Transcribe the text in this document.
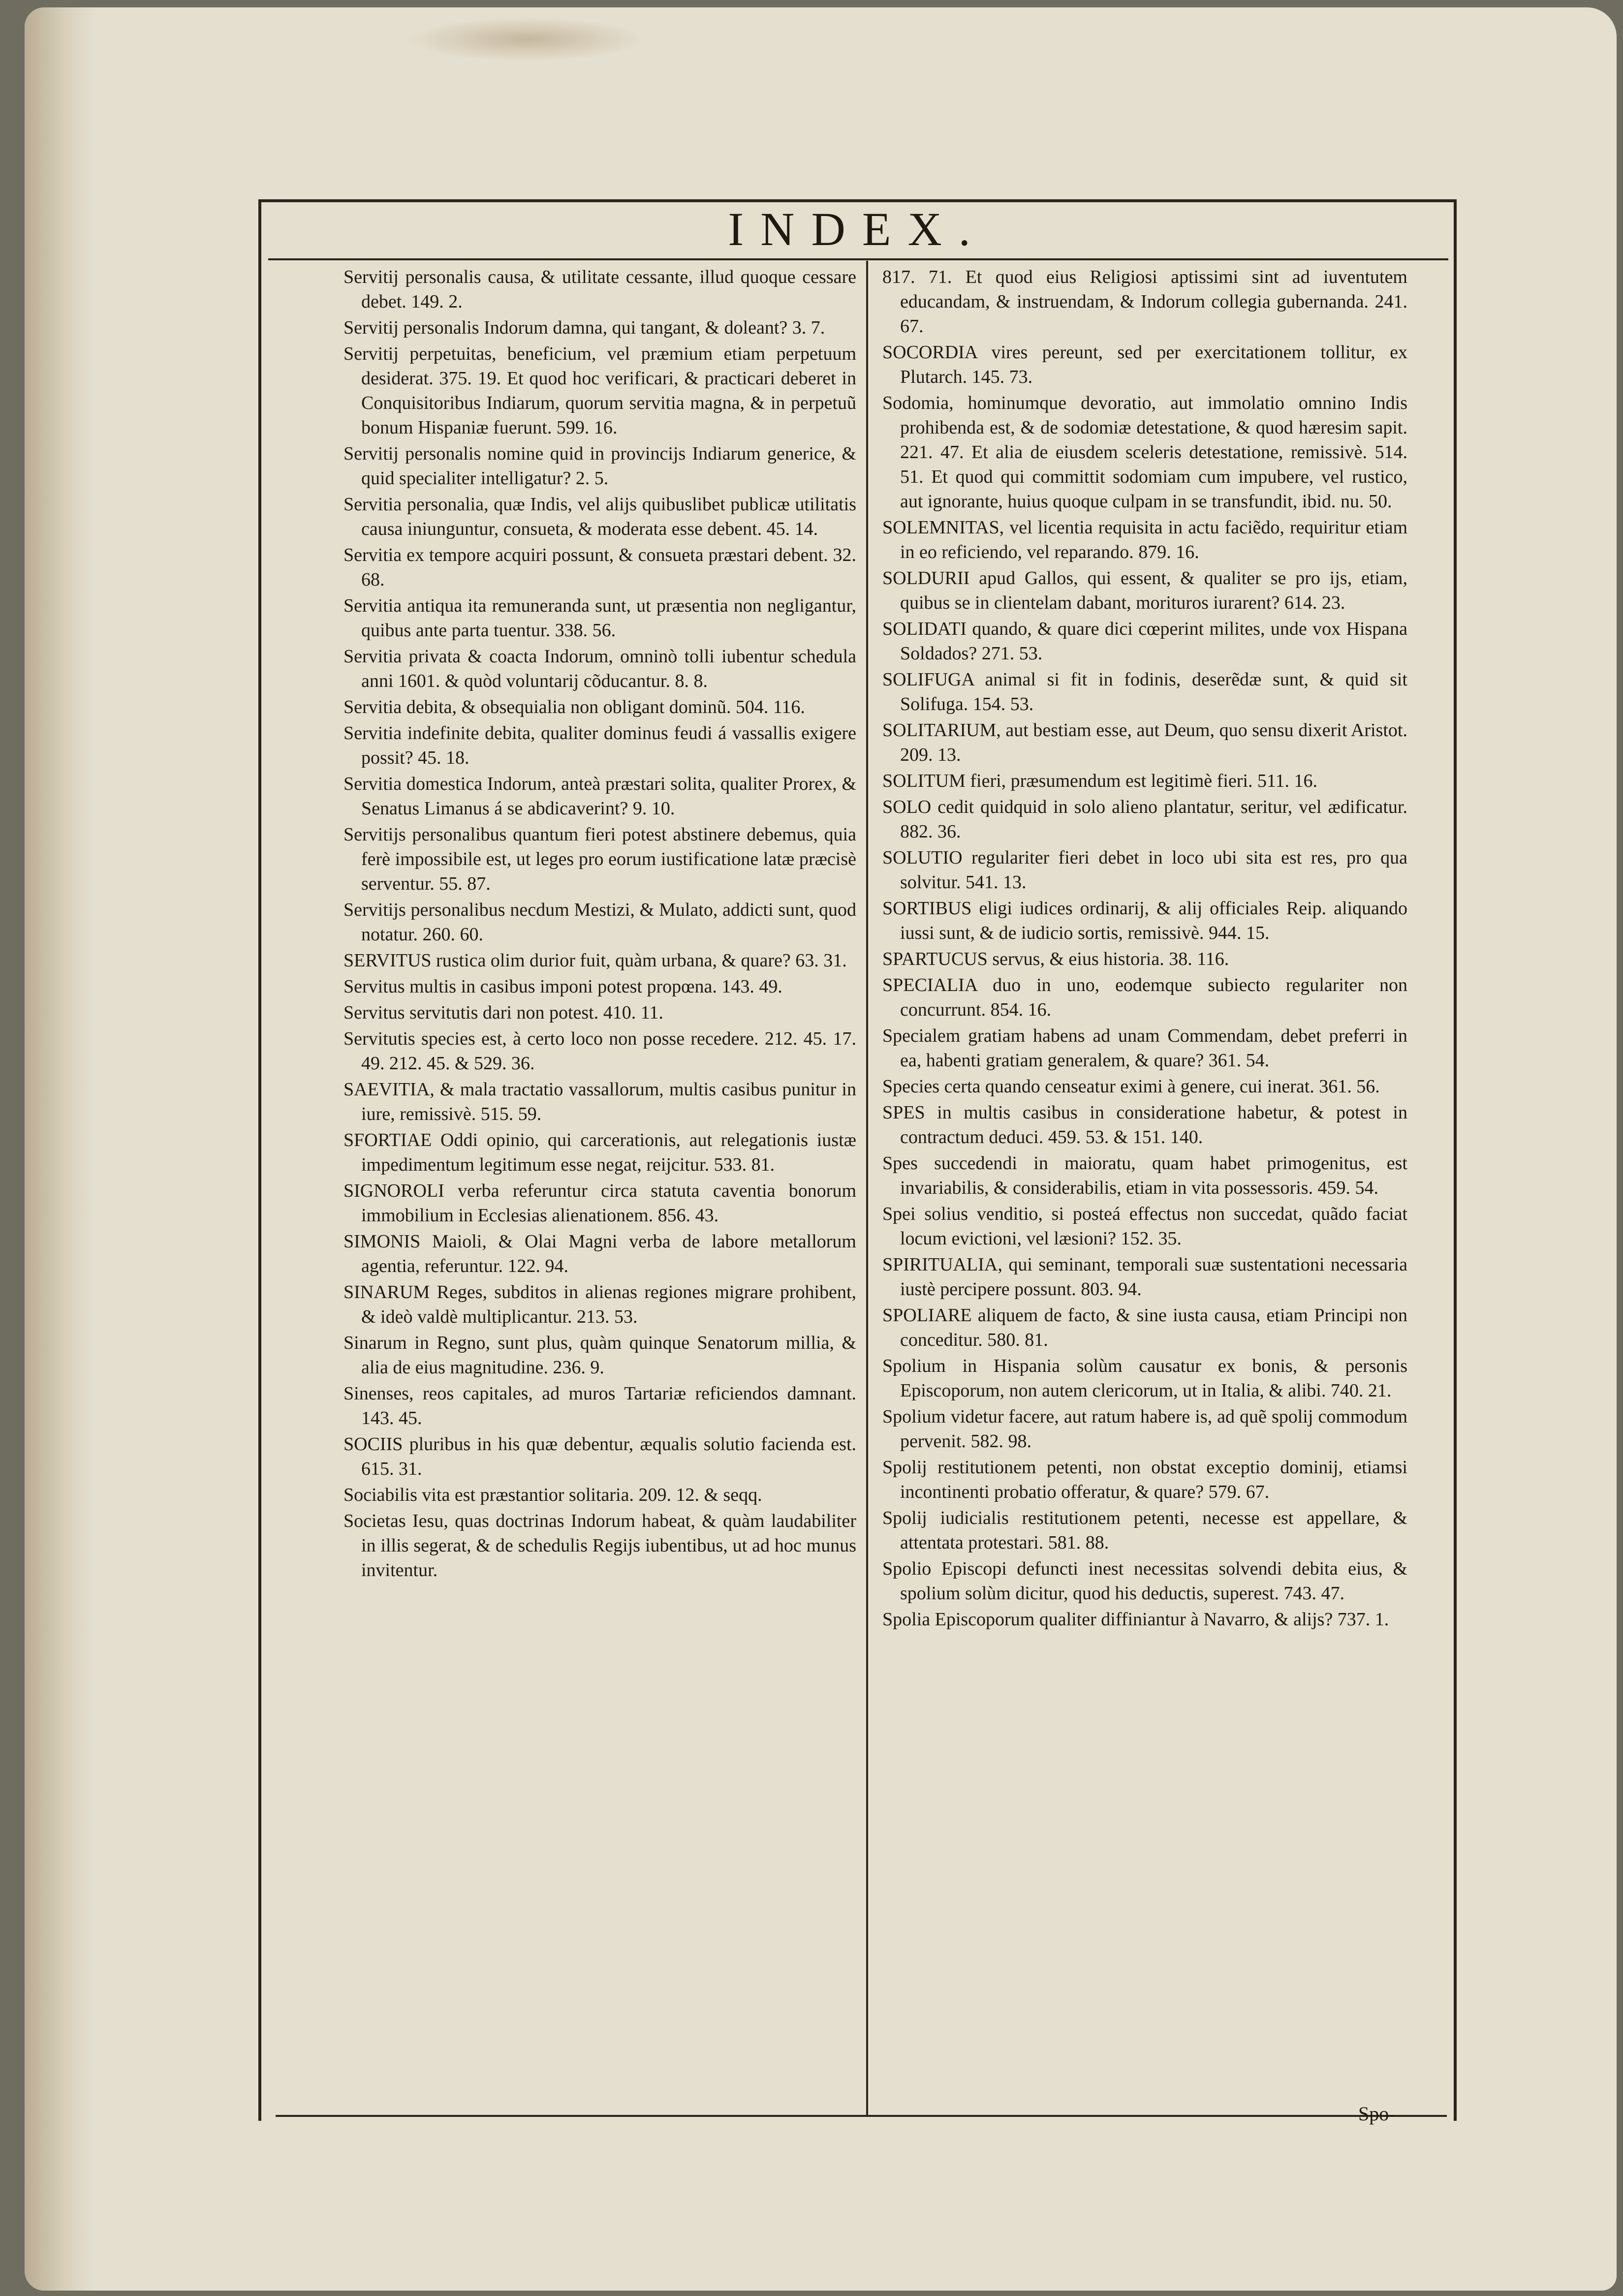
INDEX.

Servitij personalis causa, & utilitate cessante, illud quoque cessare debet. 149. 2.

Servitij personalis Indorum damna, qui tangant, & doleant? 3. 7.

Servitij perpetuitas, beneficium, vel præmium etiam perpetuum desiderat. 375. 19. Et quod hoc verificari, & practicari deberet in Conquisitoribus Indiarum, quorum servitia magna, & in perpetuũ bonum Hispaniæ fuerunt. 599. 16.

Servitij personalis nomine quid in provincijs Indiarum generice, & quid specialiter intelligatur? 2. 5.

Servitia personalia, quæ Indis, vel alijs quibuslibet publicæ utilitatis causa iniunguntur, consueta, & moderata esse debent. 45. 14.

Servitia ex tempore acquiri possunt, & consueta præstari debent. 32. 68.

Servitia antiqua ita remuneranda sunt, ut præsentia non negligantur, quibus ante parta tuentur. 338. 56.

Servitia privata & coacta Indorum, omninò tolli iubentur schedula anni 1601. & quòd voluntarij cõducantur. 8. 8.

Servitia debita, & obsequialia non obligant dominũ. 504. 116.

Servitia indefinite debita, qualiter dominus feudi á vassallis exigere possit? 45. 18.

Servitia domestica Indorum, anteà præstari solita, qualiter Prorex, & Senatus Limanus á se abdicaverint? 9. 10.

Servitijs personalibus quantum fieri potest abstinere debemus, quia ferè impossibile est, ut leges pro eorum iustificatione latæ præcisè serventur. 55. 87.

Servitijs personalibus necdum Mestizi, & Mulato, addicti sunt, quod notatur. 260. 60.

SERVITUS rustica olim durior fuit, quàm urbana, & quare? 63. 31.

Servitus multis in casibus imponi potest propœna. 143. 49.

Servitus servitutis dari non potest. 410. 11.

Servitutis species est, à certo loco non posse recedere. 212. 45. 17. 49. 212. 45. & 529. 36.

SAEVITIA, & mala tractatio vassallorum, multis casibus punitur in iure, remissivè. 515. 59.

SFORTIAE Oddi opinio, qui carcerationis, aut relegationis iustæ impedimentum legitimum esse negat, reijcitur. 533. 81.

SIGNOROLI verba referuntur circa statuta caventia bonorum immobilium in Ecclesias alienationem. 856. 43.

SIMONIS Maioli, & Olai Magni verba de labore metallorum agentia, referuntur. 122. 94.

SINARUM Reges, subditos in alienas regiones migrare prohibent, & ideò valdè multiplicantur. 213. 53.

Sinarum in Regno, sunt plus, quàm quinque Senatorum millia, & alia de eius magnitudine. 236. 9.

Sinenses, reos capitales, ad muros Tartariæ reficiendos damnant. 143. 45.

SOCIIS pluribus in his quæ debentur, æqualis solutio facienda est. 615. 31.

Sociabilis vita est præstantior solitaria. 209. 12. & seqq.

Societas Iesu, quas doctrinas Indorum habeat, & quàm laudabiliter in illis segerat, & de schedulis Regijs iubentibus, ut ad hoc munus invitentur.

817. 71. Et quod eius Religiosi aptissimi sint ad iuventutem educandam, & instruendam, & Indorum collegia gubernanda. 241. 67.

SOCORDIA vires pereunt, sed per exercitationem tollitur, ex Plutarch. 145. 73.

Sodomia, hominumque devoratio, aut immolatio omnino Indis prohibenda est, & de sodomiæ detestatione, & quod hæresim sapit. 221. 47. Et alia de eiusdem sceleris detestatione, remissivè. 514. 51. Et quod qui committit sodomiam cum impubere, vel rustico, aut ignorante, huius quoque culpam in se transfundit, ibid. nu. 50.

SOLEMNITAS, vel licentia requisita in actu faciẽdo, requiritur etiam in eo reficiendo, vel reparando. 879. 16.

SOLDURII apud Gallos, qui essent, & qualiter se pro ijs, etiam, quibus se in clientelam dabant, morituros iurarent? 614. 23.

SOLIDATI quando, & quare dici cœperint milites, unde vox Hispana Soldados? 271. 53.

SOLIFUGA animal si fit in fodinis, deserẽdæ sunt, & quid sit Solifuga. 154. 53.

SOLITARIUM, aut bestiam esse, aut Deum, quo sensu dixerit Aristot. 209. 13.

SOLITUM fieri, præsumendum est legitimè fieri. 511. 16.

SOLO cedit quidquid in solo alieno plantatur, seritur, vel ædificatur. 882. 36.

SOLUTIO regulariter fieri debet in loco ubi sita est res, pro qua solvitur. 541. 13.

SORTIBUS eligi iudices ordinarij, & alij officiales Reip. aliquando iussi sunt, & de iudicio sortis, remissivè. 944. 15.

SPARTUCUS servus, & eius historia. 38. 116.

SPECIALIA duo in uno, eodemque subiecto regulariter non concurrunt. 854. 16.

Specialem gratiam habens ad unam Commendam, debet preferri in ea, habenti gratiam generalem, & quare? 361. 54.

Species certa quando censeatur eximi à genere, cui inerat. 361. 56.

SPES in multis casibus in consideratione habetur, & potest in contractum deduci. 459. 53. & 151. 140.

Spes succedendi in maioratu, quam habet primogenitus, est invariabilis, & considerabilis, etiam in vita possessoris. 459. 54.

Spei solius venditio, si posteá effectus non succedat, quãdo faciat locum evictioni, vel læsioni? 152. 35.

SPIRITUALIA, qui seminant, temporali suæ sustentationi necessaria iustè percipere possunt. 803. 94.

SPOLIARE aliquem de facto, & sine iusta causa, etiam Principi non conceditur. 580. 81.

Spolium in Hispania solùm causatur ex bonis, & personis Episcoporum, non autem clericorum, ut in Italia, & alibi. 740. 21.

Spolium videtur facere, aut ratum habere is, ad quẽ spolij commodum pervenit. 582. 98.

Spolij restitutionem petenti, non obstat exceptio dominij, etiamsi incontinenti probatio offeratur, & quare? 579. 67.

Spolij iudicialis restitutionem petenti, necesse est appellare, & attentata protestari. 581. 88.

Spolio Episcopi defuncti inest necessitas solvendi debita eius, & spolium solùm dicitur, quod his deductis, superest. 743. 47.

Spolia Episcoporum qualiter diffiniantur à Navarro, & alijs? 737. 1.

Spo-
